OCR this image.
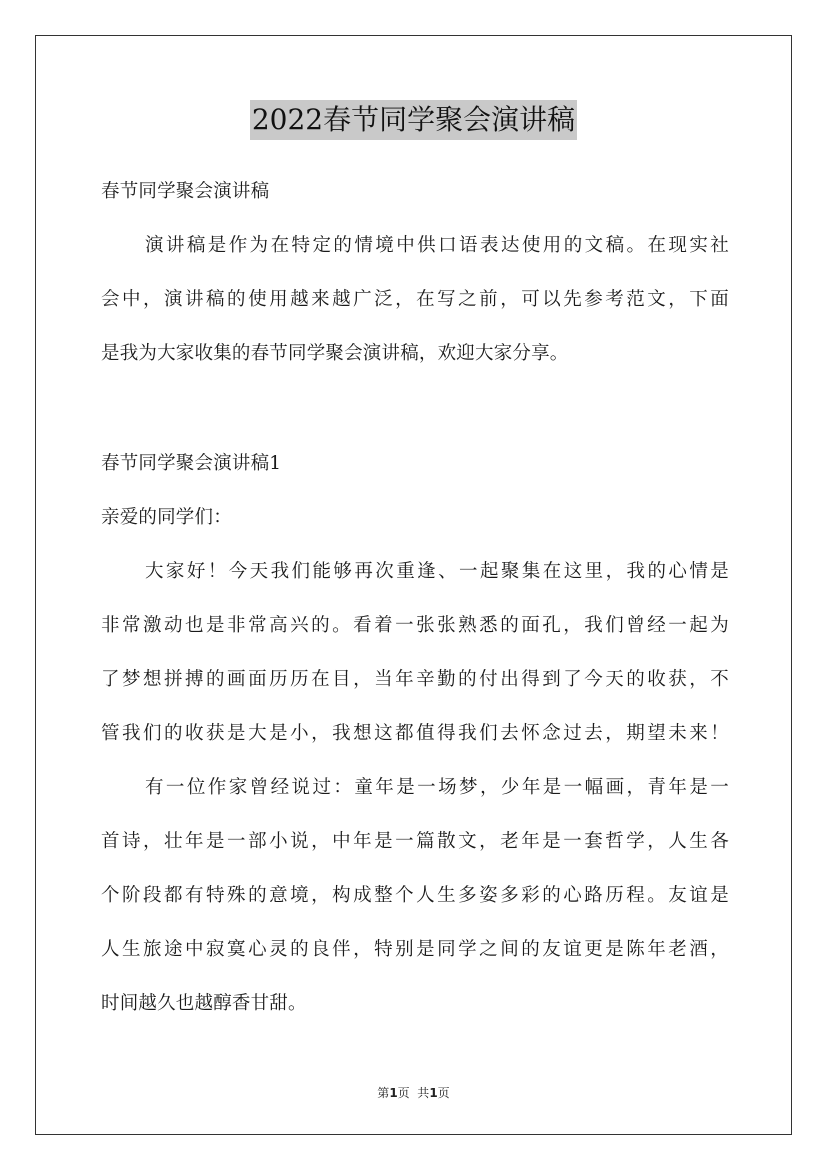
2022春节同学聚会演讲稿
春节同学聚会演讲稿
演讲稿是作为在特定的情境中供口语表达使用的文稿。在现实社
会中，演讲稿的使用越来越广泛，在写之前，可以先参考范文，下面
是我为大家收集的春节同学聚会演讲稿，欢迎大家分享。
春节同学聚会演讲稿1
亲爱的同学们：
大家好！今天我们能够再次重逢、一起聚集在这里，我的心情是
非常激动也是非常高兴的。看着一张张熟悉的面孔，我们曾经一起为
了梦想拼搏的画面历历在目，当年辛勤的付出得到了今天的收获，不
管我们的收获是大是小，我想这都值得我们去怀念过去，期望未来！
有一位作家曾经说过：童年是一场梦，少年是一幅画，青年是一
首诗，壮年是一部小说，中年是一篇散文，老年是一套哲学，人生各
个阶段都有特殊的意境，构成整个人生多姿多彩的心路历程。友谊是
人生旅途中寂寞心灵的良伴，特别是同学之间的友谊更是陈年老酒，
时间越久也越醇香甘甜。
第1页  共1页
